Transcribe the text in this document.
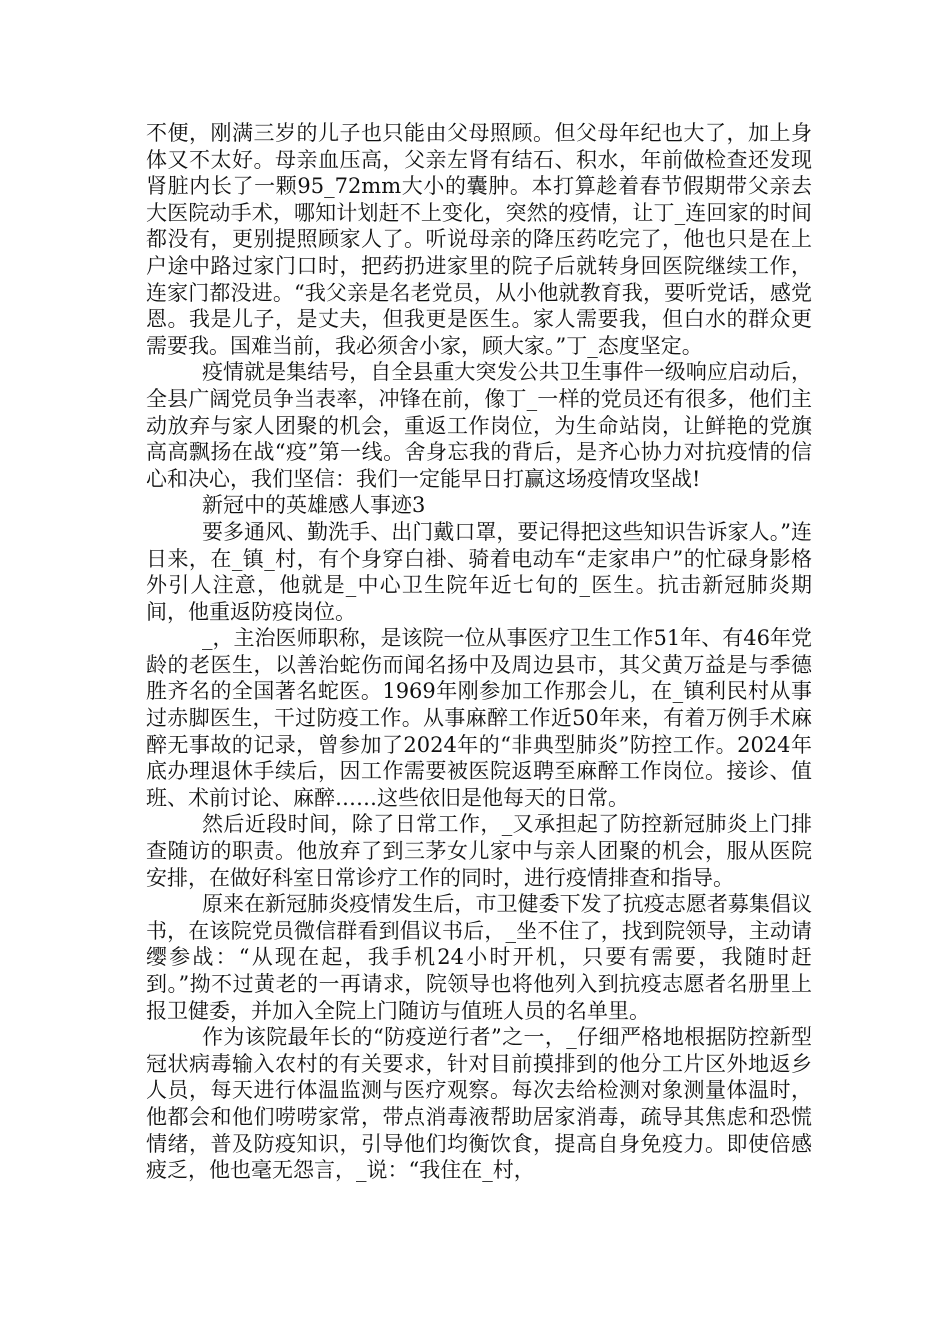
不便，刚满三岁的儿子也只能由父母照顾。但父母年纪也大了，加上身体又不太好。母亲血压高，父亲左肾有结石、积水，年前做检查还发现肾脏内长了一颗95_72mm大小的囊肿。本打算趁着春节假期带父亲去大医院动手术，哪知计划赶不上变化，突然的疫情，让丁_连回家的时间都没有，更别提照顾家人了。听说母亲的降压药吃完了，他也只是在上户途中路过家门口时，把药扔进家里的院子后就转身回医院继续工作，连家门都没进。“我父亲是名老党员，从小他就教育我，要听党话，感党恩。我是儿子，是丈夫，但我更是医生。家人需要我，但白水的群众更需要我。国难当前，我必须舍小家，顾大家。”丁_态度坚定。

疫情就是集结号，自全县重大突发公共卫生事件一级响应启动后，全县广阔党员争当表率，冲锋在前，像丁_一样的党员还有很多，他们主动放弃与家人团聚的机会，重返工作岗位，为生命站岗，让鲜艳的党旗高高飘扬在战“疫”第一线。舍身忘我的背后，是齐心协力对抗疫情的信心和决心，我们坚信：我们一定能早日打赢这场疫情攻坚战!

新冠中的英雄感人事迹3

要多通风、勤洗手、出门戴口罩，要记得把这些知识告诉家人。”连日来，在_镇_村，有个身穿白褂、骑着电动车“走家串户”的忙碌身影格外引人注意，他就是_中心卫生院年近七旬的_医生。抗击新冠肺炎期间，他重返防疫岗位。

_，主治医师职称，是该院一位从事医疗卫生工作51年、有46年党龄的老医生，以善治蛇伤而闻名扬中及周边县市，其父黄万益是与季德胜齐名的全国著名蛇医。1969年刚参加工作那会儿，在_镇利民村从事过赤脚医生，干过防疫工作。从事麻醉工作近50年来，有着万例手术麻醉无事故的记录，曾参加了2024年的“非典型肺炎”防控工作。2024年底办理退休手续后，因工作需要被医院返聘至麻醉工作岗位。接诊、值班、术前讨论、麻醉……这些依旧是他每天的日常。

然后近段时间，除了日常工作，_又承担起了防控新冠肺炎上门排查随访的职责。他放弃了到三茅女儿家中与亲人团聚的机会，服从医院安排，在做好科室日常诊疗工作的同时，进行疫情排查和指导。

原来在新冠肺炎疫情发生后，市卫健委下发了抗疫志愿者募集倡议书，在该院党员微信群看到倡议书后，_坐不住了，找到院领导，主动请缨参战：“从现在起，我手机24小时开机，只要有需要，我随时赶到。”拗不过黄老的一再请求，院领导也将他列入到抗疫志愿者名册里上报卫健委，并加入全院上门随访与值班人员的名单里。

作为该院最年长的“防疫逆行者”之一，_仔细严格地根据防控新型冠状病毒输入农村的有关要求，针对目前摸排到的他分工片区外地返乡人员，每天进行体温监测与医疗观察。每次去给检测对象测量体温时，他都会和他们唠唠家常，带点消毒液帮助居家消毒，疏导其焦虑和恐慌情绪，普及防疫知识，引导他们均衡饮食，提高自身免疫力。即使倍感疲乏，他也毫无怨言，_说：“我住在_村，
